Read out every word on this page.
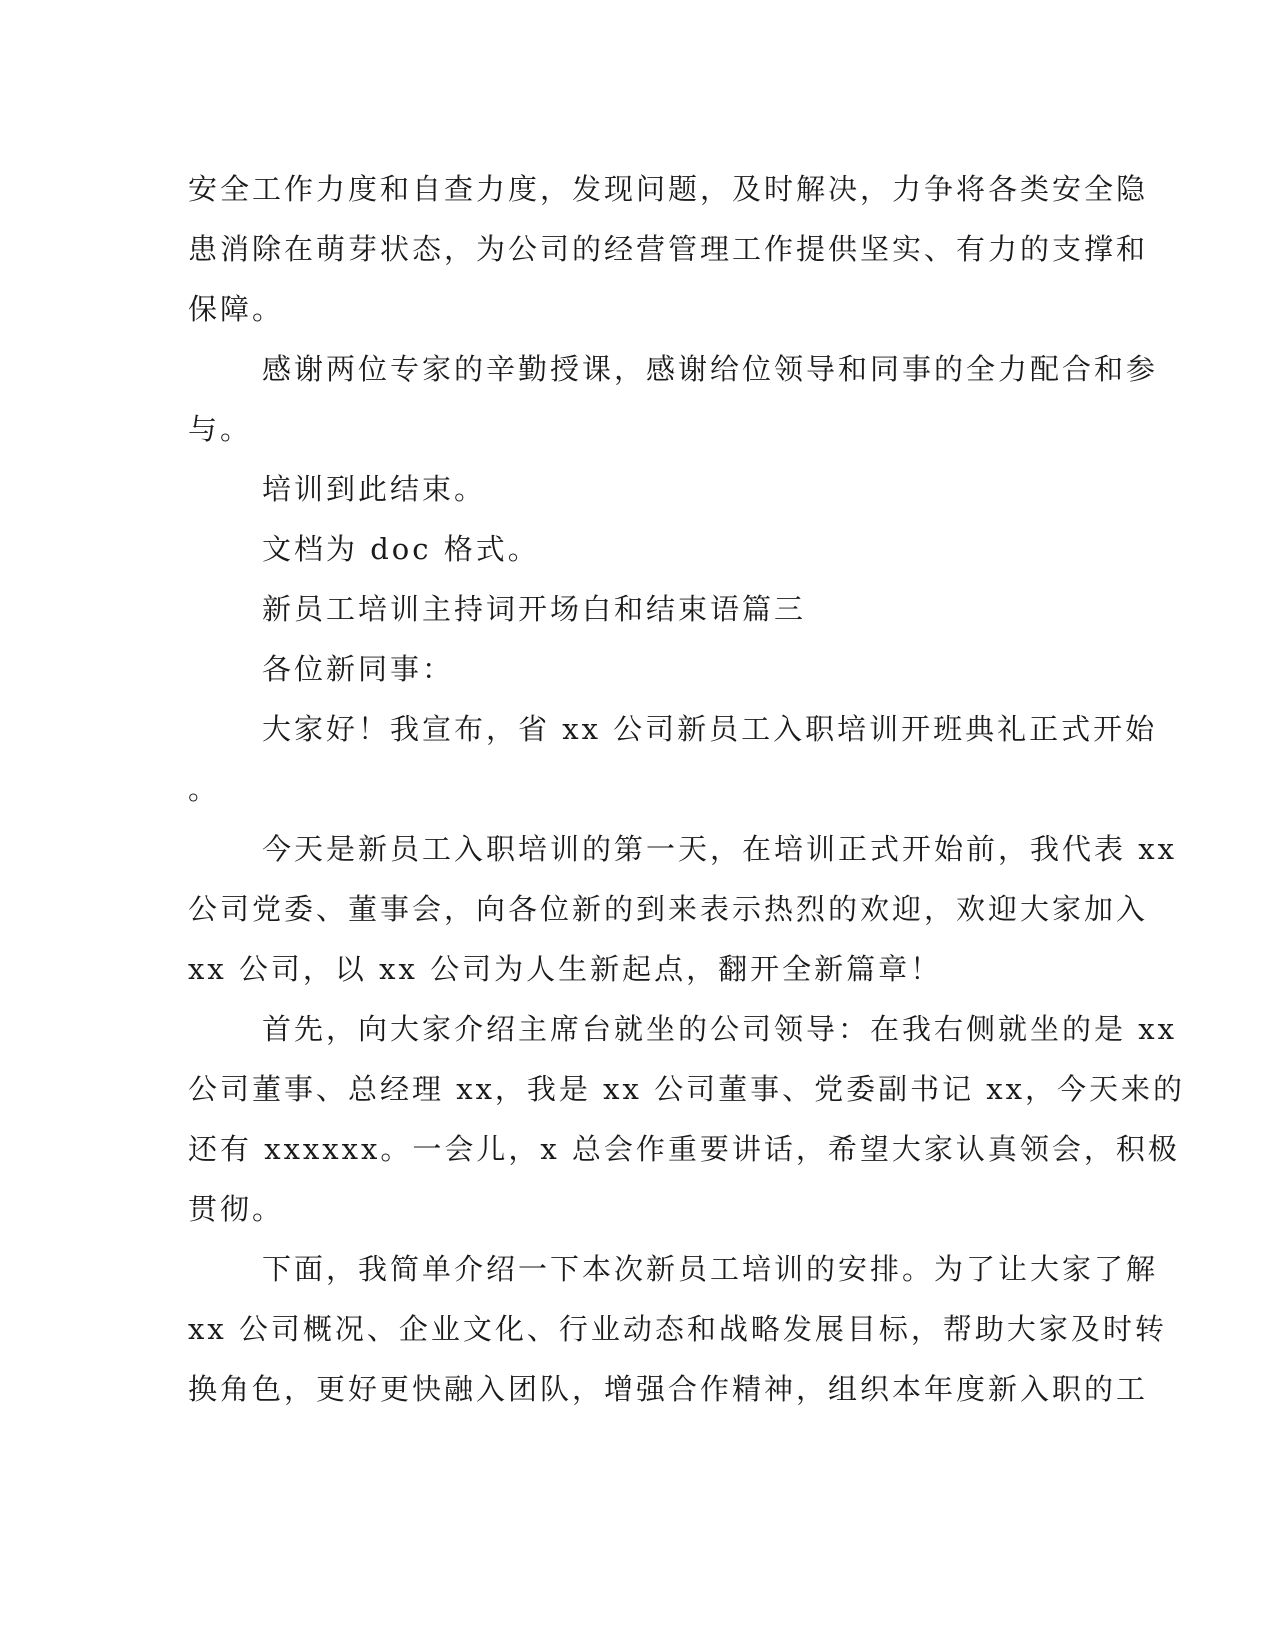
安全工作力度和自查力度，发现问题，及时解决，力争将各类安全隐
患消除在萌芽状态，为公司的经营管理工作提供坚实、有力的支撑和
保障。
感谢两位专家的辛勤授课，感谢给位领导和同事的全力配合和参
与。
培训到此结束。
文档为 doc 格式。
新员工培训主持词开场白和结束语篇三
各位新同事：
大家好！我宣布，省 xx 公司新员工入职培训开班典礼正式开始
。
今天是新员工入职培训的第一天，在培训正式开始前，我代表 xx
公司党委、董事会，向各位新的到来表示热烈的欢迎，欢迎大家加入
xx 公司，以 xx 公司为人生新起点，翻开全新篇章！
首先，向大家介绍主席台就坐的公司领导：在我右侧就坐的是 xx
公司董事、总经理 xx，我是 xx 公司董事、党委副书记 xx，今天来的
还有 xxxxxx。一会儿，x 总会作重要讲话，希望大家认真领会，积极
贯彻。
下面，我简单介绍一下本次新员工培训的安排。为了让大家了解
xx 公司概况、企业文化、行业动态和战略发展目标，帮助大家及时转
换角色，更好更快融入团队，增强合作精神，组织本年度新入职的工
